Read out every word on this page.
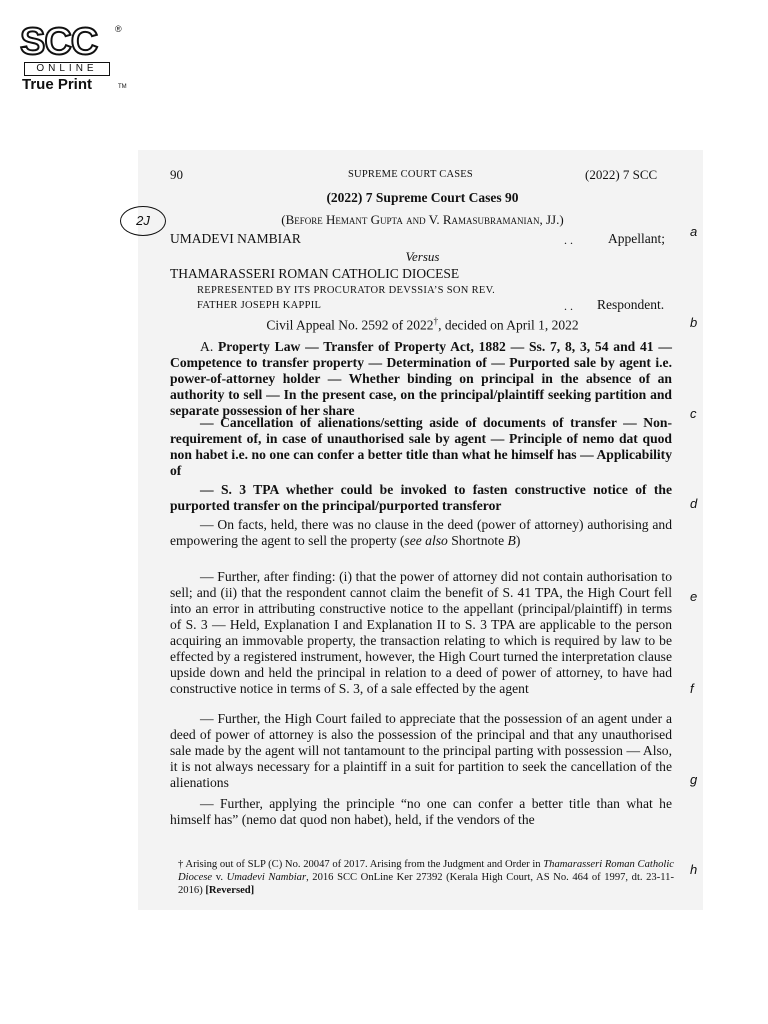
SCC ®
ONLINE
True Print	TM
90	SUPREME COURT CASES	(2022) 7 SCC
(2022) 7 Supreme Court Cases 90
2J	(Before Hemant Gupta and V. Ramasubramanian, JJ.)
UMADEVI NAMBIAR	. .	Appellant;
Versus
THAMARASSERI ROMAN CATHOLIC DIOCESE
REPRESENTED BY ITS PROCURATOR DEVSSIA’S SON REV.
FATHER JOSEPH KAPPIL	. . Respondent.
Civil Appeal No. 2592 of 2022†, decided on April 1, 2022
a
b
c
d
e
f
g
h
A. Property Law — Transfer of Property Act, 1882 — Ss. 7, 8, 3, 54 and 41 — Competence to transfer property — Determination of — Purported sale by agent i.e. power-of-attorney holder — Whether binding on principal in the absence of an authority to sell — In the present case, on the principal/plaintiff seeking partition and separate possession of her share
— Cancellation of alienations/setting aside of documents of transfer — Non-requirement of, in case of unauthorised sale by agent — Principle of nemo dat quod non habet i.e. no one can confer a better title than what he himself has — Applicability of
— S. 3 TPA whether could be invoked to fasten constructive notice of the purported transfer on the principal/purported transferor
— On facts, held, there was no clause in the deed (power of attorney) authorising and empowering the agent to sell the property (see also Shortnote B)
— Further, after finding: (i) that the power of attorney did not contain authorisation to sell; and (ii) that the respondent cannot claim the benefit of S. 41 TPA, the High Court fell into an error in attributing constructive notice to the appellant (principal/plaintiff) in terms of S. 3 — Held, Explanation I and Explanation II to S. 3 TPA are applicable to the person acquiring an immovable property, the transaction relating to which is required by law to be effected by a registered instrument, however, the High Court turned the interpretation clause upside down and held the principal in relation to a deed of power of attorney, to have had constructive notice in terms of S. 3, of a sale effected by the agent
— Further, the High Court failed to appreciate that the possession of an agent under a deed of power of attorney is also the possession of the principal and that any unauthorised sale made by the agent will not tantamount to the principal parting with possession — Also, it is not always necessary for a plaintiff in a suit for partition to seek the cancellation of the alienations
— Further, applying the principle “no one can confer a better title than what he himself has” (nemo dat quod non habet), held, if the vendors of the
† Arising out of SLP (C) No. 20047 of 2017. Arising from the Judgment and Order in Thamarasseri Roman Catholic Diocese v. Umadevi Nambiar, 2016 SCC OnLine Ker 27392 (Kerala High Court, AS No. 464 of 1997, dt. 23-11-2016) [Reversed]
